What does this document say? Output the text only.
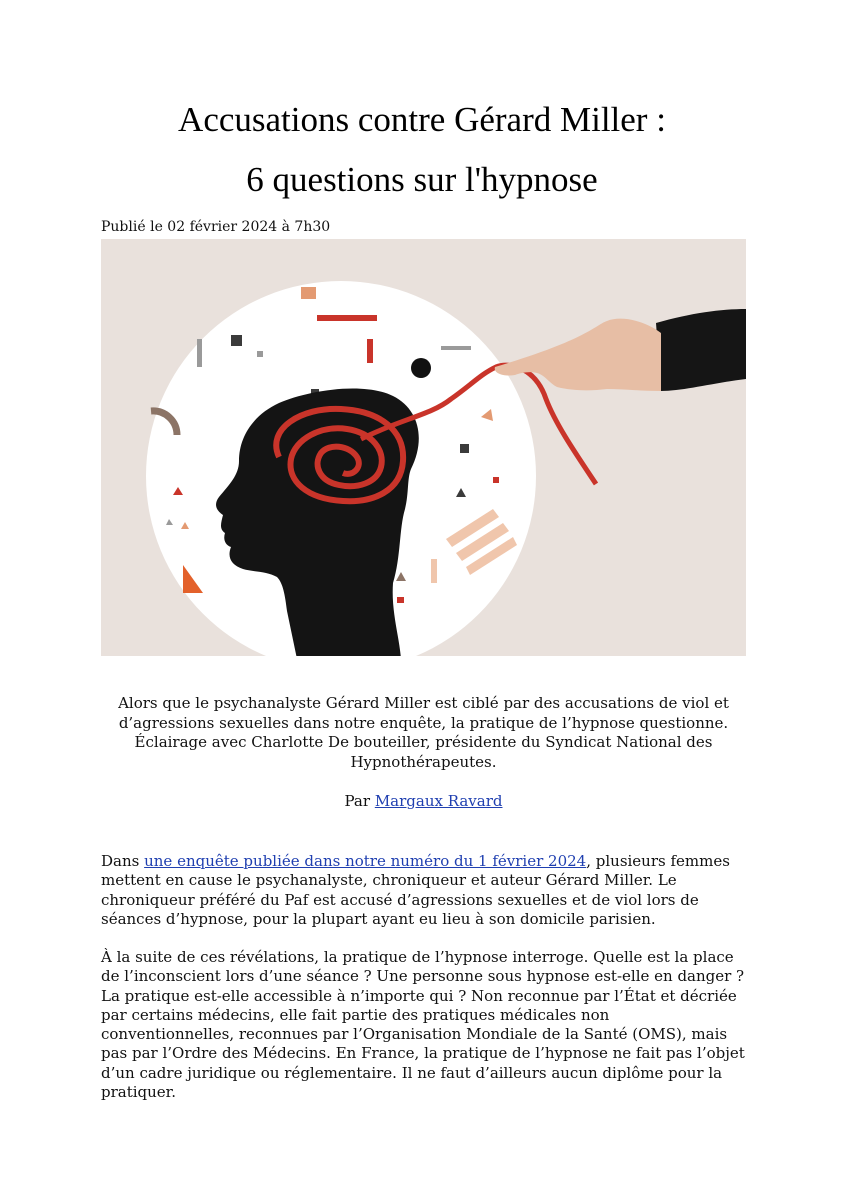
Accusations contre Gérard Miller :
6 questions sur l'hypnose
Publié le 02 février 2024 à 7h30
Alors que le psychanalyste Gérard Miller est ciblé par des accusations de viol et d’agressions sexuelles dans notre enquête, la pratique de l’hypnose questionne. Éclairage avec Charlotte De bouteiller, présidente du Syndicat National des Hypnothérapeutes.
Par Margaux Ravard

Dans une enquête publiée dans notre numéro du 1 février 2024, plusieurs femmes mettent en cause le psychanalyste, chroniqueur et auteur Gérard Miller. Le chroniqueur préféré du Paf est accusé d’agressions sexuelles et de viol lors de séances d’hypnose, pour la plupart ayant eu lieu à son domicile parisien.

À la suite de ces révélations, la pratique de l’hypnose interroge. Quelle est la place de l’inconscient lors d’une séance ? Une personne sous hypnose est-elle en danger ? La pratique est-elle accessible à n’importe qui ? Non reconnue par l’État et décriée par certains médecins, elle fait partie des pratiques médicales non conventionnelles, reconnues par l’Organisation Mondiale de la Santé (OMS), mais pas par l’Ordre des Médecins. En France, la pratique de l’hypnose ne fait pas l’objet d’un cadre juridique ou réglementaire. Il ne faut d’ailleurs aucun diplôme pour la pratiquer.
